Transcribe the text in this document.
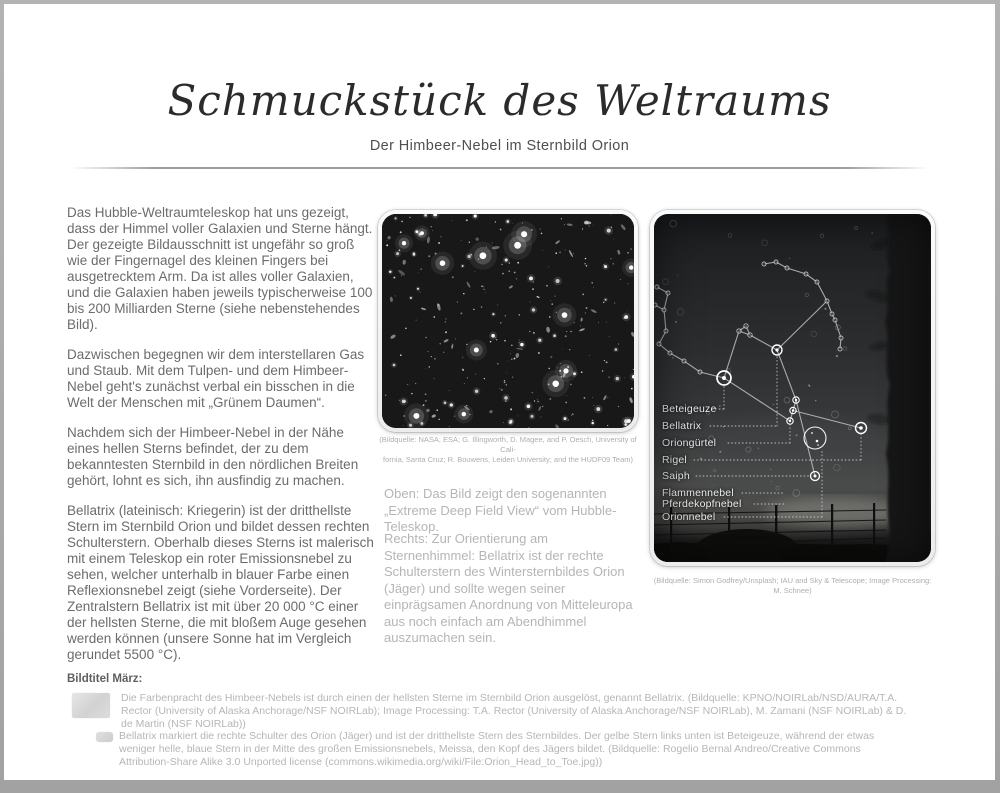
Schmuckstück des Weltraums
Der Himbeer-Nebel im Sternbild Orion

Das Hubble-Weltraumteleskop hat uns gezeigt, dass der Himmel voller Galaxien und Sterne hängt. Der gezeigte Bildausschnitt ist ungefähr so groß wie der Fingernagel des kleinen Fingers bei ausgetrecktem Arm. Da ist alles voller Galaxien, und die Galaxien haben jeweils typischerweise 100 bis 200 Milliarden Sterne (siehe nebenstehendes Bild).

Dazwischen begegnen wir dem interstellaren Gas und Staub. Mit dem Tulpen- und dem Himbeer-Nebel geht's zunächst verbal ein bisschen in die Welt der Menschen mit „Grünem Daumen“.

Nachdem sich der Himbeer-Nebel in der Nähe eines hellen Sterns befindet, der zu dem bekanntesten Sternbild in den nördlichen Breiten gehört, lohnt es sich, ihn ausfindig zu machen.

Bellatrix (lateinisch: Kriegerin) ist der dritthellste Stern im Sternbild Orion und bildet dessen rechten Schulterstern. Oberhalb dieses Sterns ist malerisch mit einem Teleskop ein roter Emissionsnebel zu sehen, welcher unterhalb in blauer Farbe einen Reflexionsnebel zeigt (siehe Vorderseite). Der Zentralstern Bellatrix ist mit über 20 000 °C einer der hellsten Sterne, die mit bloßem Auge gesehen werden können (unsere Sonne hat im Vergleich gerundet 5500 °C).

(Bildquelle: NASA; ESA; G. Illingworth, D. Magee, and P. Oesch, University of Cali-
fornia, Santa Cruz; R. Bouwens, Leiden University; and the HUDF09 Team)

Oben: Das Bild zeigt den sogenannten „Extreme Deep Field View“ vom Hubble-Teleskop.

Rechts: Zur Orientierung am Sternenhimmel: Bellatrix ist der rechte Schulterstern des Wintersternbildes Orion (Jäger) und sollte wegen seiner einprägsamen Anordnung von Mitteleuropa aus noch einfach am Abendhimmel auszumachen sein.

Beteigeuze
Bellatrix
Oriongürtel
Rigel
Saiph
Flammennebel
Pferdekopfnebel
Orionnebel
(Bildquelle: Simon Godfrey/Unsplash; IAU and Sky & Telescope; Image Processing: M. Schnee)
Bildtitel März:

Die Farbenpracht des Himbeer-Nebels ist durch einen der hellsten Sterne im Sternbild Orion ausgelöst, genannt Bellatrix. (Bildquelle: KPNO/NOIRLab/NSD/AURA/T.A. Rector (University of Alaska Anchorage/NSF NOIRLab); Image Processing: T.A. Rector (University of Alaska Anchorage/NSF NOIRLab), M. Zamani (NSF NOIRLab) & D. de Martin (NSF NOIRLab))

Bellatrix markiert die rechte Schulter des Orion (Jäger) und ist der dritthellste Stern des Sternbildes. Der gelbe Stern links unten ist Beteigeuze, während der etwas weniger helle, blaue Stern in der Mitte des großen Emissionsnebels, Meissa, den Kopf des Jägers bildet. (Bildquelle: Rogelio Bernal Andreo/Creative Commons Attribution-Share Alike 3.0 Unported license (commons.wikimedia.org/wiki/File:Orion_Head_to_Toe.jpg))
